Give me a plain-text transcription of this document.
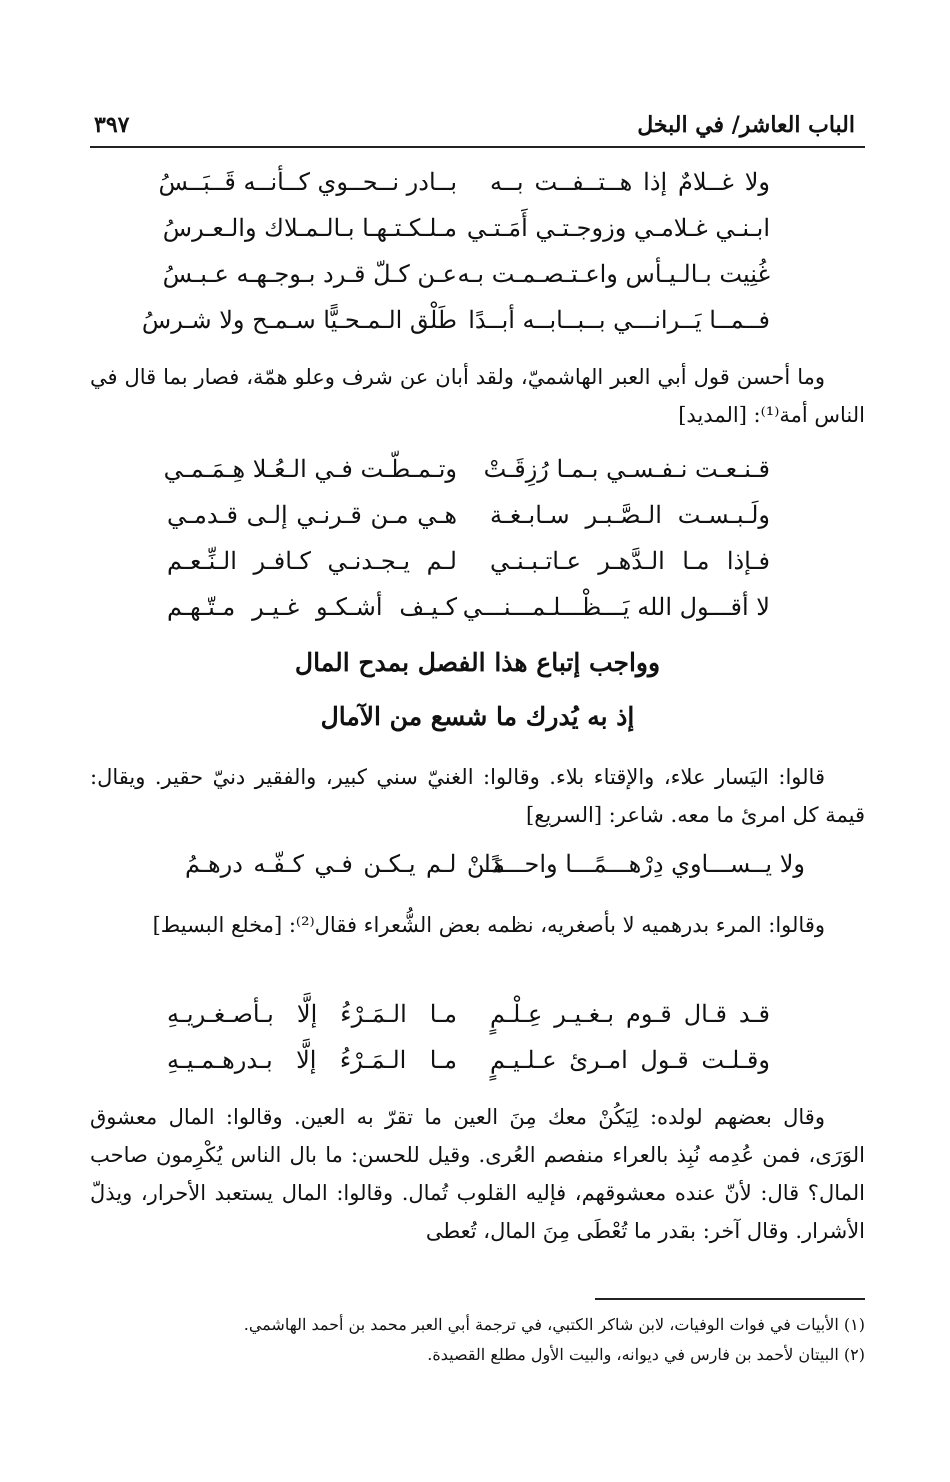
الباب العاشر/ في البخل
٣٩٧
ولا غــلامٌ إذا هــتــفــت بــه
بــادر نــحــوي كــأنــه قَــبَــسُ
ابـنـي غـلامـي وزوجـتـي أَمَـتـي
مـلـكـتـهـا بـالـمـلاك والـعـرسُ
غُنِيت بـالـيـأس واعـتـصـمـت بـه
عـن كـلّ قـرد بـوجـهـه عـبـسُ
فــمــا يَــرانـــي بــبــابــه أبــدًا
طَلْق الـمـحـيًّا سـمـح ولا شـرسُ

وما أحسن قول أبي العبر الهاشميّ، ولقد أبان عن شرف وعلو همّة، فصار بما قال في الناس أمة⁽¹⁾: [المديد]

قـنـعـت نـفـسـي بـمـا رُزِقَـتْ
وتـمـطّـت فـي الـعُـلا هِـمَـمـي
ولَـبـسـت الـصَّـبـر سـابـغـة
هـي مـن قـرنـي إلـى قـدمـي
فـإذا مـا الـدَّهـر عـاتـبـنـي
لـم يـجـدنـي كـافـر الـنِّـعـم
لا أقـــول الله يَـــظْـــلـمـــنـــي
كـيـف أشـكـو غـيـر مـتّـهـم
وواجب إتباع هذا الفصل بمدح المال
إذ به يُدرك ما شسع من الآمال

قالوا: اليَسار علاء، والإقتاء بلاء. وقالوا: الغنيّ سني كبير، والفقير دنيّ حقير. ويقال: قيمة كل امرئ ما معه. شاعر: [السريع]

ولا يــســـاوي دِرْهـــمًـــا واحـــدًا
مَـنْ لـم يـكـن فـي كـفّـه درهـمُ

وقالوا: المرء بدرهميه لا بأصغريه، نظمه بعض الشُّعراء فقال⁽²⁾: [مخلع البسيط]

قـد قـال قـوم بـغـيـر عِـلْـمٍ
مـا الـمَـرْءُ إلَّا بـأصـغـريـهِ
وقـلـت قـول امـرئ عـلـيـمٍ
مـا الـمَـرْءُ إلَّا بـدرهـمـيـهِ

وقال بعضهم لولده: لِيَكُنْ معك مِنَ العين ما تقرّ به العين. وقالوا: المال معشوق الوَرَى، فمن عُدِمه نُبِذ بالعراء منفصم العُرى. وقيل للحسن: ما بال الناس يُكْرِمون صاحب المال؟ قال: لأنّ عنده معشوقهم، فإليه القلوب تُمال. وقالوا: المال يستعبد الأحرار، ويذلّ الأشرار. وقال آخر: بقدر ما تُعْطَى مِنَ المال، تُعطى

(١) الأبيات في فوات الوفيات، لابن شاكر الكتبي، في ترجمة أبي العبر محمد بن أحمد الهاشمي.
(٢) البيتان لأحمد بن فارس في ديوانه، والبيت الأول مطلع القصيدة.
